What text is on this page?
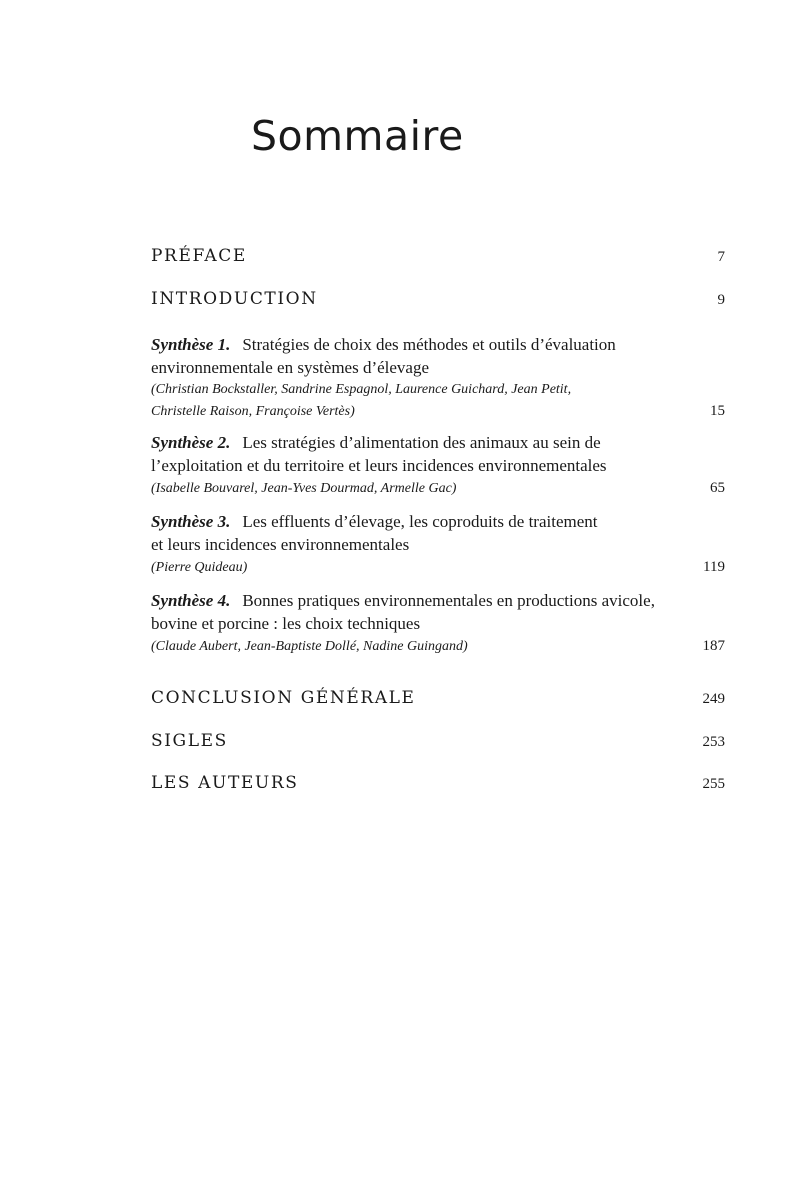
Sommaire
PRÉFACE	7
INTRODUCTION	9
Synthèse 1. Stratégies de choix des méthodes et outils d’évaluation
environnementale en systèmes d’élevage
(Christian Bockstaller, Sandrine Espagnol, Laurence Guichard, Jean Petit,
Christelle Raison, Françoise Vertès)	15
Synthèse 2. Les stratégies d’alimentation des animaux au sein de
l’exploitation et du territoire et leurs incidences environnementales
(Isabelle Bouvarel, Jean-Yves Dourmad, Armelle Gac)	65
Synthèse 3. Les effluents d’élevage, les coproduits de traitement
et leurs incidences environnementales
(Pierre Quideau)	119
Synthèse 4. Bonnes pratiques environnementales en productions avicole,
bovine et porcine : les choix techniques
(Claude Aubert, Jean-Baptiste Dollé, Nadine Guingand)	187
CONCLUSION GÉNÉRALE	249
SIGLES	253
LES AUTEURS	255
